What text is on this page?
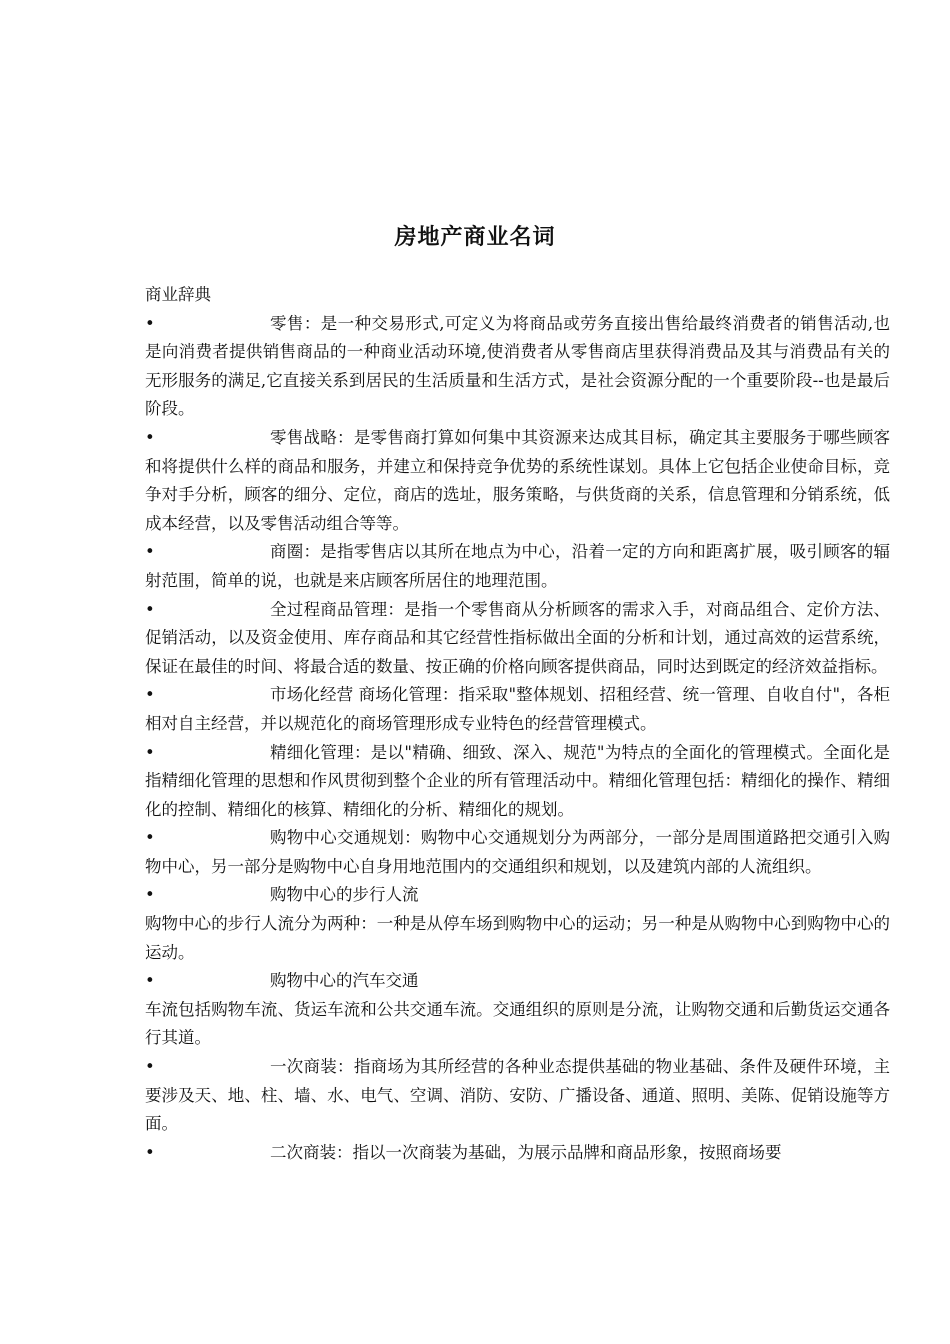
房地产商业名词

商业辞典

•	零售：是一种交易形式,可定义为将商品或劳务直接出售给最终消费者的销售活动,也是向消费者提供销售商品的一种商业活动环境,使消费者从零售商店里获得消费品及其与消费品有关的无形服务的满足,它直接关系到居民的生活质量和生活方式，是社会资源分配的一个重要阶段--也是最后阶段。

•	零售战略：是零售商打算如何集中其资源来达成其目标，确定其主要服务于哪些顾客和将提供什么样的商品和服务，并建立和保持竞争优势的系统性谋划。具体上它包括企业使命目标，竞争对手分析，顾客的细分、定位，商店的选址，服务策略，与供货商的关系，信息管理和分销系统，低成本经营，以及零售活动组合等等。

•	商圈：是指零售店以其所在地点为中心，沿着一定的方向和距离扩展，吸引顾客的辐射范围，简单的说，也就是来店顾客所居住的地理范围。

•	全过程商品管理：是指一个零售商从分析顾客的需求入手，对商品组合、定价方法、促销活动，以及资金使用、库存商品和其它经营性指标做出全面的分析和计划，通过高效的运营系统，保证在最佳的时间、将最合适的数量、按正确的价格向顾客提供商品，同时达到既定的经济效益指标。

•	市场化经营 商场化管理：指采取"整体规划、招租经营、统一管理、自收自付"，各柜相对自主经营，并以规范化的商场管理形成专业特色的经营管理模式。

•	精细化管理：是以"精确、细致、深入、规范"为特点的全面化的管理模式。全面化是指精细化管理的思想和作风贯彻到整个企业的所有管理活动中。精细化管理包括：精细化的操作、精细化的控制、精细化的核算、精细化的分析、精细化的规划。

•	购物中心交通规划：购物中心交通规划分为两部分，一部分是周围道路把交通引入购物中心，另一部分是购物中心自身用地范围内的交通组织和规划，以及建筑内部的人流组织。

•	购物中心的步行人流

购物中心的步行人流分为两种：一种是从停车场到购物中心的运动；另一种是从购物中心到购物中心的运动。

•	购物中心的汽车交通

车流包括购物车流、货运车流和公共交通车流。交通组织的原则是分流，让购物交通和后勤货运交通各行其道。

•	一次商装：指商场为其所经营的各种业态提供基础的物业基础、条件及硬件环境，主要涉及天、地、柱、墙、水、电气、空调、消防、安防、广播设备、通道、照明、美陈、促销设施等方面。

•	二次商装：指以一次商装为基础，为展示品牌和商品形象，按照商场要
